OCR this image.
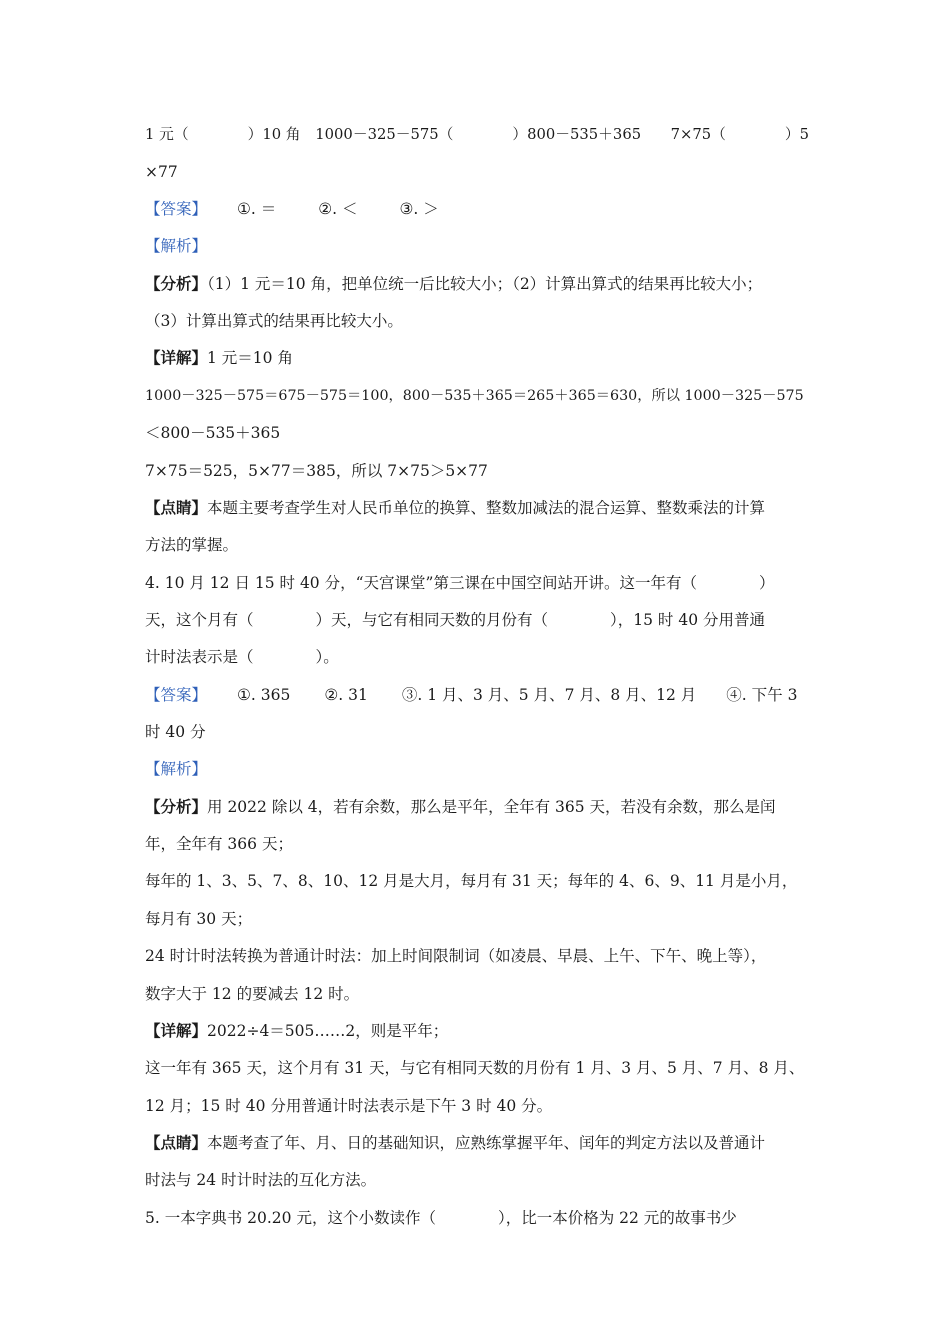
1 元（　　　　）10 角　1000－325－575（　　　　）800－535＋365　　7×75（　　　　）5
×77
【答案】 ①. ＝	②. ＜	③. ＞
【解析】
【分析】（1）1 元＝10 角，把单位统一后比较大小；（2）计算出算式的结果再比较大小；
（3）计算出算式的结果再比较大小。
【详解】1 元＝10 角
1000－325－575＝675－575＝100，800－535＋365＝265＋365＝630，所以 1000－325－575
＜800－535＋365
7×75＝525，5×77＝385，所以 7×75＞5×77
【点睛】本题主要考查学生对人民币单位的换算、整数加减法的混合运算、整数乘法的计算
方法的掌握。
4. 10 月 12 日 15 时 40 分，“天宫课堂”第三课在中国空间站开讲。这一年有（　　　　）
天，这个月有（　　　　）天，与它有相同天数的月份有（　　　　），15 时 40 分用普通
计时法表示是（　　　　）。
【答案】 ①. 365 ②. 31 ③. 1 月、3 月、5 月、7 月、8 月、12 月 ④. 下午 3
时 40 分
【解析】
【分析】用 2022 除以 4，若有余数，那么是平年，全年有 365 天，若没有余数，那么是闰
年，全年有 366 天；
每年的 1、3、5、7、8、10、12 月是大月，每月有 31 天；每年的 4、6、9、11 月是小月，
每月有 30 天；
24 时计时法转换为普通计时法：加上时间限制词（如凌晨、早晨、上午、下午、晚上等），
数字大于 12 的要减去 12 时。
【详解】2022÷4＝505……2，则是平年；
这一年有 365 天，这个月有 31 天，与它有相同天数的月份有 1 月、3 月、5 月、7 月、8 月、
12 月；15 时 40 分用普通计时法表示是下午 3 时 40 分。
【点睛】本题考查了年、月、日的基础知识，应熟练掌握平年、闰年的判定方法以及普通计
时法与 24 时计时法的互化方法。
5. 一本字典书 20.20 元，这个小数读作（　　　　），比一本价格为 22 元的故事书少
